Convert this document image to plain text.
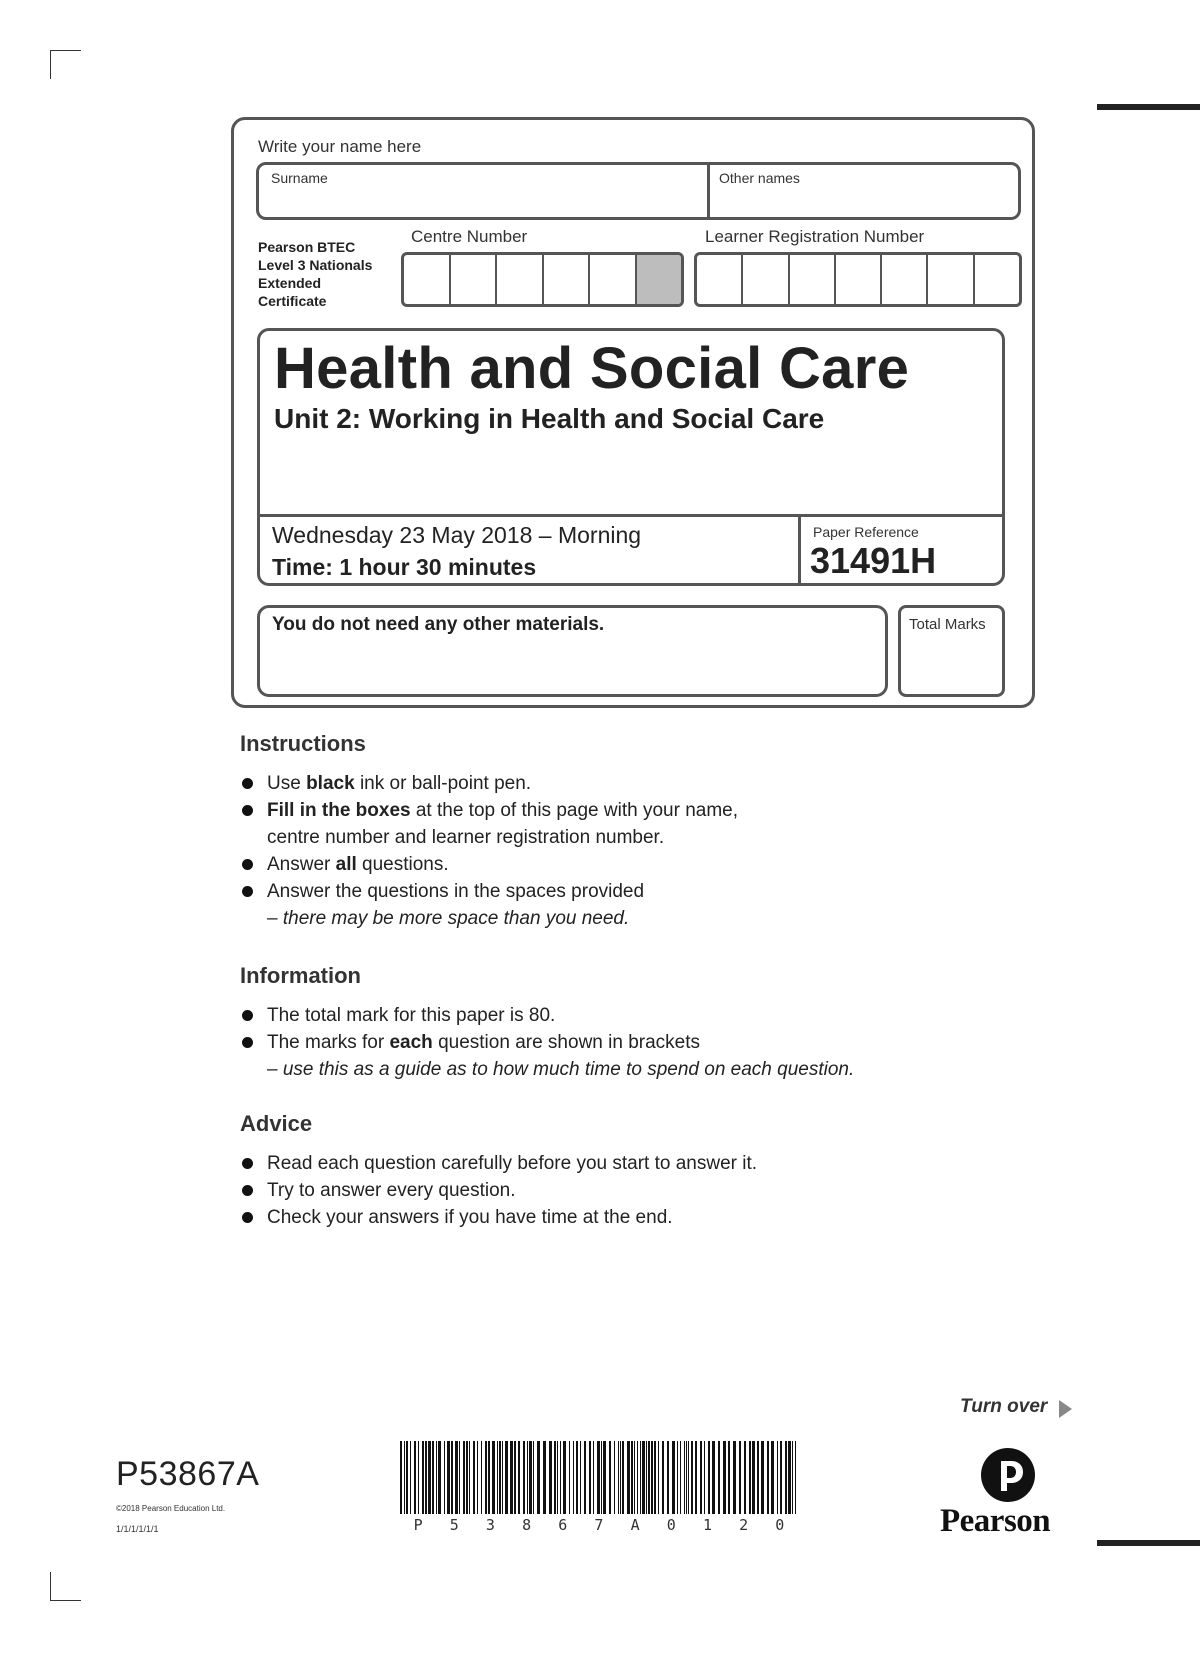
Write your name here
Surname	Other names
Pearson BTEC
Level 3 Nationals
Extended
Certificate
Centre Number	Learner Registration Number
Health and Social Care
Unit 2: Working in Health and Social Care
Wednesday 23 May 2018 – Morning
Time: 1 hour 30 minutes
Paper Reference
31491H
You do not need any other materials.	Total Marks
Instructions
Use black ink or ball-point pen.
Fill in the boxes at the top of this page with your name,
centre number and learner registration number.
Answer all questions.
Answer the questions in the spaces provided
– there may be more space than you need.
Information
The total mark for this paper is 80.
The marks for each question are shown in brackets
– use this as a guide as to how much time to spend on each question.
Advice
Read each question carefully before you start to answer it.
Try to answer every question.
Check your answers if you have time at the end.
Turn over
P53867A
©2018 Pearson Education Ltd.
1/1/1/1/1/1	P 5 3 8 6 7 A 0 1 2 0	Pearson
